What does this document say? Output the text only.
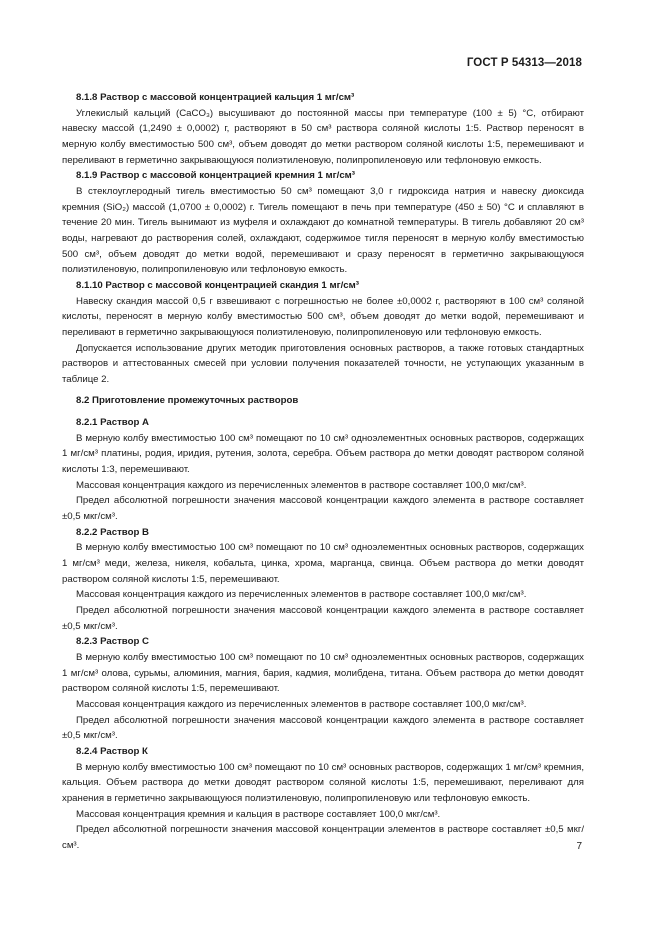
ГОСТ Р 54313—2018
8.1.8 Раствор с массовой концентрацией кальция 1 мг/см³

Углекислый кальций (CaCO₃) высушивают до постоянной массы при температуре (100 ± 5) °С, отбирают навеску массой (1,2490 ± 0,0002) г, растворяют в 50 см³ раствора соляной кислоты 1:5. Раствор переносят в мерную колбу вместимостью 500 см³, объем доводят до метки раствором соляной кислоты 1:5, перемешивают и переливают в герметично закрывающуюся полиэтиленовую, полипропиленовую или тефлоновую емкость.

8.1.9 Раствор с массовой концентрацией кремния 1 мг/см³

В стеклоуглеродный тигель вместимостью 50 см³ помещают 3,0 г гидроксида натрия и навеску диоксида кремния (SiO₂) массой (1,0700 ± 0,0002) г. Тигель помещают в печь при температуре (450 ± 50) °С и сплавляют в течение 20 мин. Тигель вынимают из муфеля и охлаждают до комнатной температуры. В тигель добавляют 20 см³ воды, нагревают до растворения солей, охлаждают, содержимое тигля переносят в мерную колбу вместимостью 500 см³, объем доводят до метки водой, перемешивают и сразу переносят в герметично закрывающуюся полиэтиленовую, полипропиленовую или тефлоновую емкость.

8.1.10 Раствор с массовой концентрацией скандия 1 мг/см³

Навеску скандия массой 0,5 г взвешивают с погрешностью не более ±0,0002 г, растворяют в 100 см³ соляной кислоты, переносят в мерную колбу вместимостью 500 см³, объем доводят до метки водой, перемешивают и переливают в герметично закрывающуюся полиэтиленовую, полипропиленовую или тефлоновую емкость.

Допускается использование других методик приготовления основных растворов, а также готовых стандартных растворов и аттестованных смесей при условии получения показателей точности, не уступающих указанным в таблице 2.

8.2 Приготовление промежуточных растворов
8.2.1 Раствор А

В мерную колбу вместимостью 100 см³ помещают по 10 см³ одноэлементных основных растворов, содержащих 1 мг/см³ платины, родия, иридия, рутения, золота, серебра. Объем раствора до метки доводят раствором соляной кислоты 1:3, перемешивают.

Массовая концентрация каждого из перечисленных элементов в растворе составляет 100,0 мкг/см³.

Предел абсолютной погрешности значения массовой концентрации каждого элемента в растворе составляет ±0,5 мкг/см³.

8.2.2 Раствор В

В мерную колбу вместимостью 100 см³ помещают по 10 см³ одноэлементных основных растворов, содержащих 1 мг/см³ меди, железа, никеля, кобальта, цинка, хрома, марганца, свинца. Объем раствора до метки доводят раствором соляной кислоты 1:5, перемешивают.

Массовая концентрация каждого из перечисленных элементов в растворе составляет 100,0 мкг/см³.

Предел абсолютной погрешности значения массовой концентрации каждого элемента в растворе составляет ±0,5 мкг/см³.

8.2.3 Раствор С

В мерную колбу вместимостью 100 см³ помещают по 10 см³ одноэлементных основных растворов, содержащих 1 мг/см³ олова, сурьмы, алюминия, магния, бария, кадмия, молибдена, титана. Объем раствора до метки доводят раствором соляной кислоты 1:5, перемешивают.

Массовая концентрация каждого из перечисленных элементов в растворе составляет 100,0 мкг/см³.

Предел абсолютной погрешности значения массовой концентрации каждого элемента в растворе составляет ±0,5 мкг/см³.

8.2.4 Раствор К

В мерную колбу вместимостью 100 см³ помещают по 10 см³ основных растворов, содержащих 1 мг/см³ кремния, кальция. Объем раствора до метки доводят раствором соляной кислоты 1:5, перемешивают, переливают для хранения в герметично закрывающуюся полиэтиленовую, полипропиленовую или тефлоновую емкость.

Массовая концентрация кремния и кальция в растворе составляет 100,0 мкг/см³.

Предел абсолютной погрешности значения массовой концентрации элементов в растворе составляет ±0,5 мкг/см³.	7
